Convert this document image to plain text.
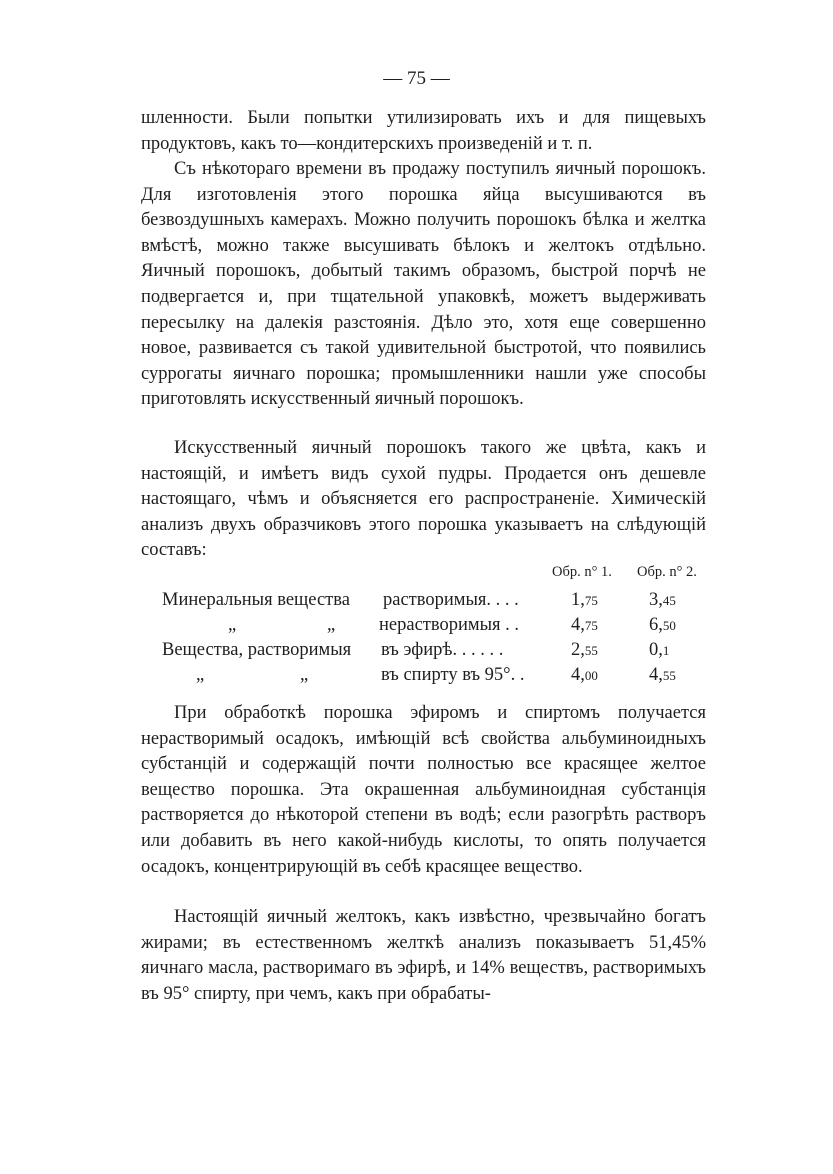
— 75 —

шленности. Были попытки утилизировать ихъ и для пищевыхъ продуктовъ, какъ то—кондитерскихъ произведеній и т. п.

Съ нѣкотораго времени въ продажу поступилъ яичный порошокъ. Для изготовленія этого порошка яйца высушиваются въ безвоздушныхъ камерахъ. Можно получить порошокъ бѣлка и желтка вмѣстѣ, можно также высушивать бѣлокъ и желтокъ отдѣльно. Яичный порошокъ, добытый такимъ образомъ, быстрой порчѣ не подвергается и, при тщательной упаковкѣ, можетъ выдерживать пересылку на далекія разстоянія. Дѣло это, хотя еще совершенно новое, развивается съ такой удивительной быстротой, что появились суррогаты яичнаго порошка; промышленники нашли уже способы приготовлять искусственный яичный порошокъ.

Искусственный яичный порошокъ такого же цвѣта, какъ и настоящій, и имѣетъ видъ сухой пудры. Продается онъ дешевле настоящаго, чѣмъ и объясняется его распространеніе. Химическій анализъ двухъ образчиковъ этого порошка указываетъ на слѣдующій составъ:

Обр. n° 1. Обр. n° 2.
Минеральныя вещества растворимыя. . . .	1,75	3,45
„	„ нерастворимыя . .	4,75	6,50
Вещества, растворимыя въ эфирѣ. . . . . .	2,55	0,1
„	„	въ спирту въ 95°. .	4,00	4,55

При обработкѣ порошка эфиромъ и спиртомъ получается нерастворимый осадокъ, имѣющій всѣ свойства альбуминоидныхъ субстанцій и содержащій почти полностью все красящее желтое вещество порошка. Эта окрашенная альбуминоидная субстанція растворяется до нѣкоторой степени въ водѣ; если разогрѣть растворъ или добавить въ него какой-нибудь кислоты, то опять получается осадокъ, концентрирующій въ себѣ красящее вещество.

Настоящій яичный желтокъ, какъ извѣстно, чрезвычайно богатъ жирами; въ естественномъ желткѣ анализъ показываетъ 51,45% яичнаго масла, растворимаго въ эфирѣ, и 14% веществъ, растворимыхъ въ 95° спирту, при чемъ, какъ при обрабаты-
